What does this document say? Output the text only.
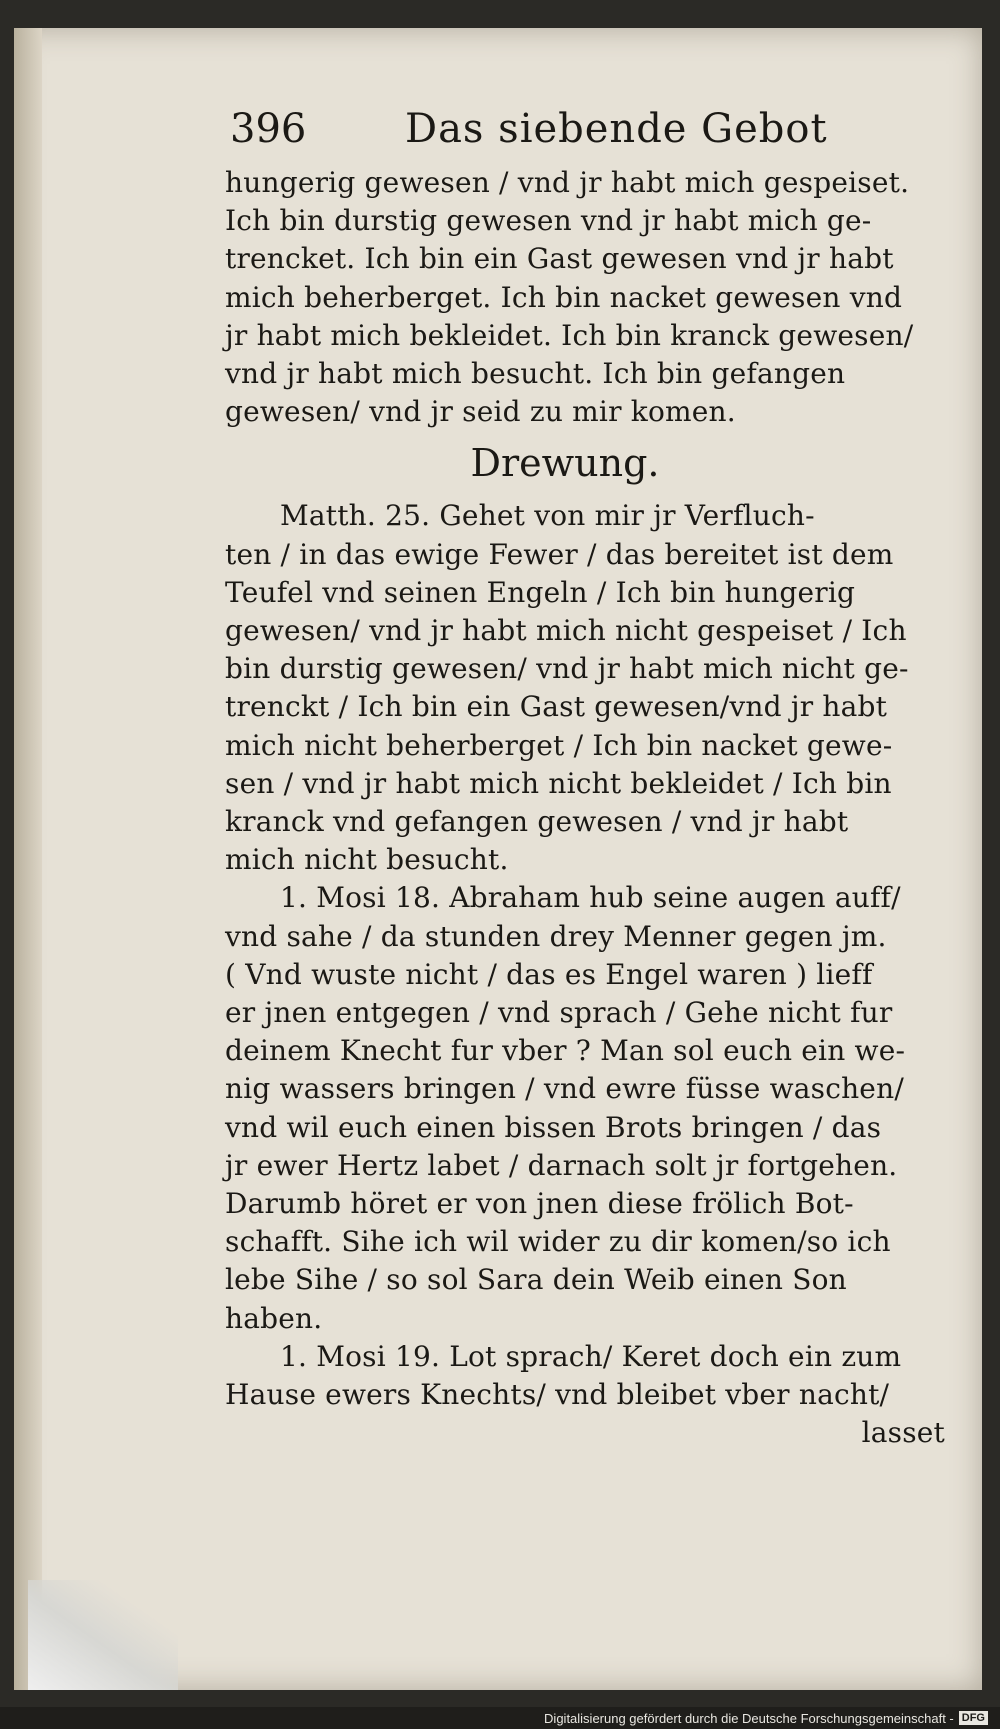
396 Das siebende Gebot

hungerig gewesen / vnd jr habt mich gespeiset.

Ich bin durstig gewesen vnd jr habt mich ge-

trencket. Ich bin ein Gast gewesen vnd jr habt

mich beherberget. Ich bin nacket gewesen vnd

jr habt mich bekleidet. Ich bin kranck gewesen/

vnd jr habt mich besucht. Ich bin gefangen

gewesen/ vnd jr seid zu mir komen.

Drewung.

Matth. 25. Gehet von mir jr Verfluch-

ten / in das ewige Fewer / das bereitet ist dem

Teufel vnd seinen Engeln / Ich bin hungerig

gewesen/ vnd jr habt mich nicht gespeiset / Ich

bin durstig gewesen/ vnd jr habt mich nicht ge-

trenckt / Ich bin ein Gast gewesen/vnd jr habt

mich nicht beherberget / Ich bin nacket gewe-

sen / vnd jr habt mich nicht bekleidet / Ich bin

kranck vnd gefangen gewesen / vnd jr habt

mich nicht besucht.

1. Mosi 18. Abraham hub seine augen auff/

vnd sahe / da stunden drey Menner gegen jm.

( Vnd wuste nicht / das es Engel waren ) lieff

er jnen entgegen / vnd sprach / Gehe nicht fur

deinem Knecht fur vber ? Man sol euch ein we-

nig wassers bringen / vnd ewre füsse waschen/

vnd wil euch einen bissen Brots bringen / das

jr ewer Hertz labet / darnach solt jr fortgehen.

Darumb höret er von jnen diese frölich Bot-

schafft. Sihe ich wil wider zu dir komen/so ich

lebe Sihe / so sol Sara dein Weib einen Son

haben.

1. Mosi 19. Lot sprach/ Keret doch ein zum

Hause ewers Knechts/ vnd bleibet vber nacht/

lasset

Digitalisierung gefördert durch die Deutsche Forschungsgemeinschaft - DFG
